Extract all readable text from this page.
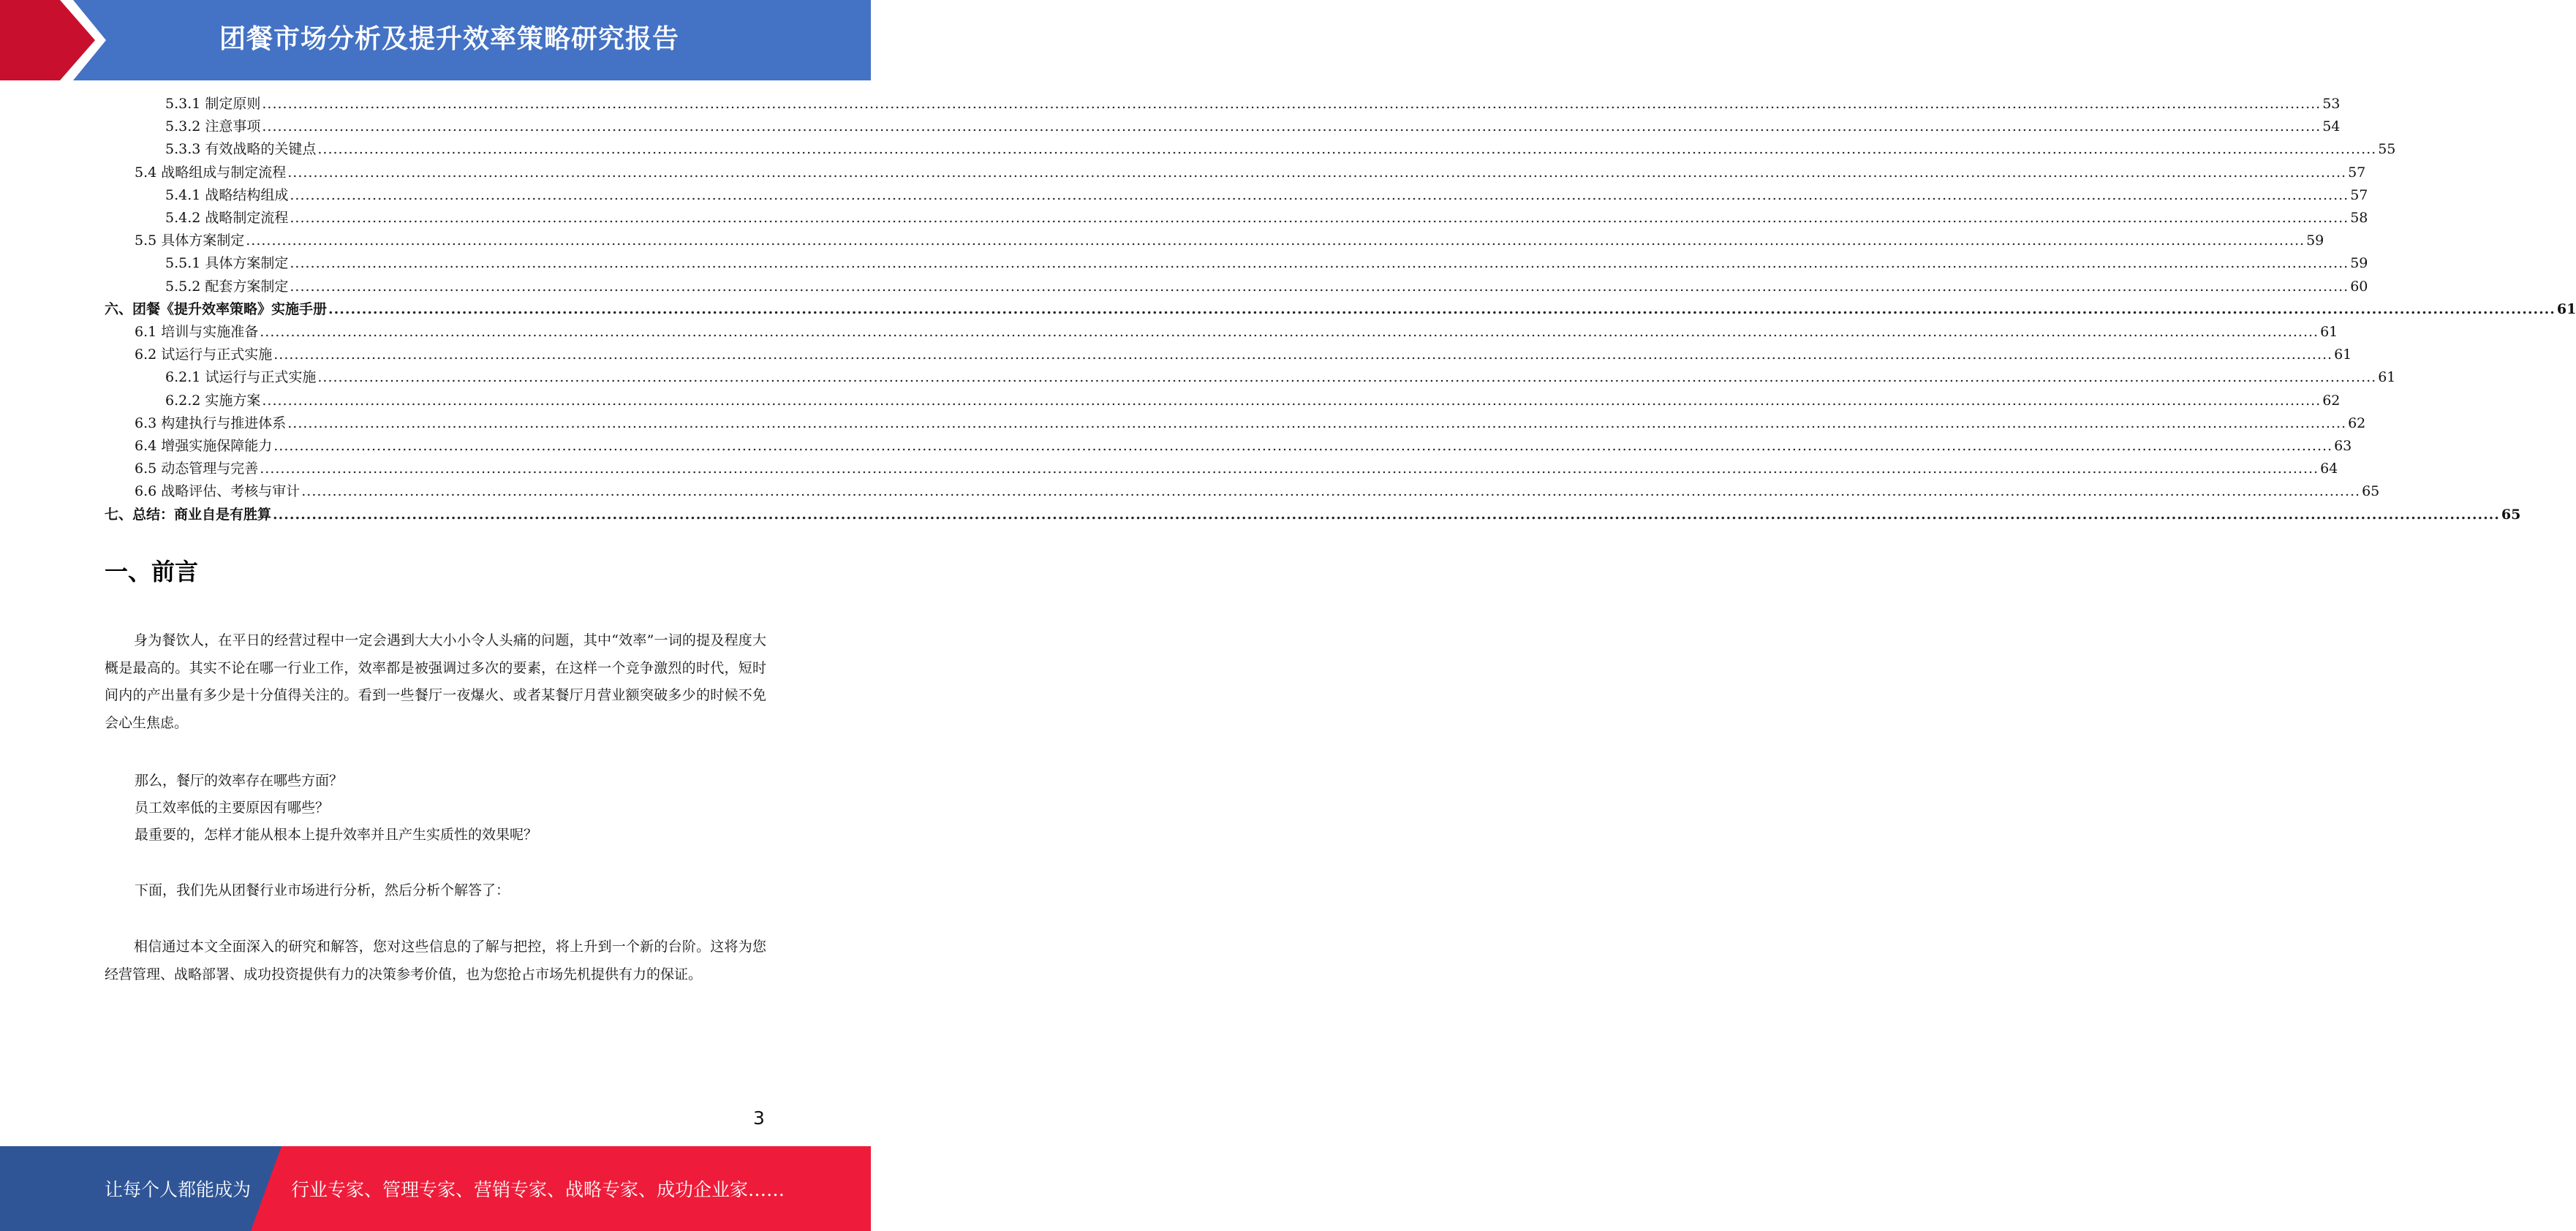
团餐市场分析及提升效率策略研究报告
5.3.1 制定原则 ................................................................................................................................................................................................................................................................................................................................................................................................................ 53
5.3.2 注意事项 ................................................................................................................................................................................................................................................................................................................................................................................................................ 54
5.3.3 有效战略的关键点 ................................................................................................................................................................................................................................................................................................................................................................................................................ 55
5.4 战略组成与制定流程 ................................................................................................................................................................................................................................................................................................................................................................................................................ 57
5.4.1 战略结构组成 ................................................................................................................................................................................................................................................................................................................................................................................................................ 57
5.4.2 战略制定流程 ................................................................................................................................................................................................................................................................................................................................................................................................................ 58
5.5 具体方案制定 ................................................................................................................................................................................................................................................................................................................................................................................................................ 59
5.5.1 具体方案制定 ................................................................................................................................................................................................................................................................................................................................................................................................................ 59
5.5.2 配套方案制定 ................................................................................................................................................................................................................................................................................................................................................................................................................ 60
六、团餐《提升效率策略》实施手册 ................................................................................................................................................................................................................................................................................................................................................................................................................ 61
6.1 培训与实施准备 ................................................................................................................................................................................................................................................................................................................................................................................................................ 61
6.2 试运行与正式实施 ................................................................................................................................................................................................................................................................................................................................................................................................................ 61
6.2.1 试运行与正式实施 ................................................................................................................................................................................................................................................................................................................................................................................................................ 61
6.2.2 实施方案 ................................................................................................................................................................................................................................................................................................................................................................................................................ 62
6.3 构建执行与推进体系 ................................................................................................................................................................................................................................................................................................................................................................................................................ 62
6.4 增强实施保障能力 ................................................................................................................................................................................................................................................................................................................................................................................................................ 63
6.5 动态管理与完善 ................................................................................................................................................................................................................................................................................................................................................................................................................ 64
6.6 战略评估、考核与审计 ................................................................................................................................................................................................................................................................................................................................................................................................................ 65
七、总结：商业自是有胜算 ................................................................................................................................................................................................................................................................................................................................................................................................................ 65
一、前言
身为餐饮人，在平日的经营过程中一定会遇到大大小小令人头痛的问题，其中“效率”一词的提及程度大概是最高的。其实不论在哪一行业工作，效率都是被强调过多次的要素，在这样一个竞争激烈的时代，短时间内的产出量有多少是十分值得关注的。看到一些餐厅一夜爆火、或者某餐厅月营业额突破多少的时候不免会心生焦虑。
那么，餐厅的效率存在哪些方面？
员工效率低的主要原因有哪些？
最重要的，怎样才能从根本上提升效率并且产生实质性的效果呢？
下面，我们先从团餐行业市场进行分析，然后分析个解答了：
相信通过本文全面深入的研究和解答，您对这些信息的了解与把控，将上升到一个新的台阶。这将为您经营管理、战略部署、成功投资提供有力的决策参考价值，也为您抢占市场先机提供有力的保证。
3
让每个人都能成为 行业专家、管理专家、营销专家、战略专家、成功企业家……
